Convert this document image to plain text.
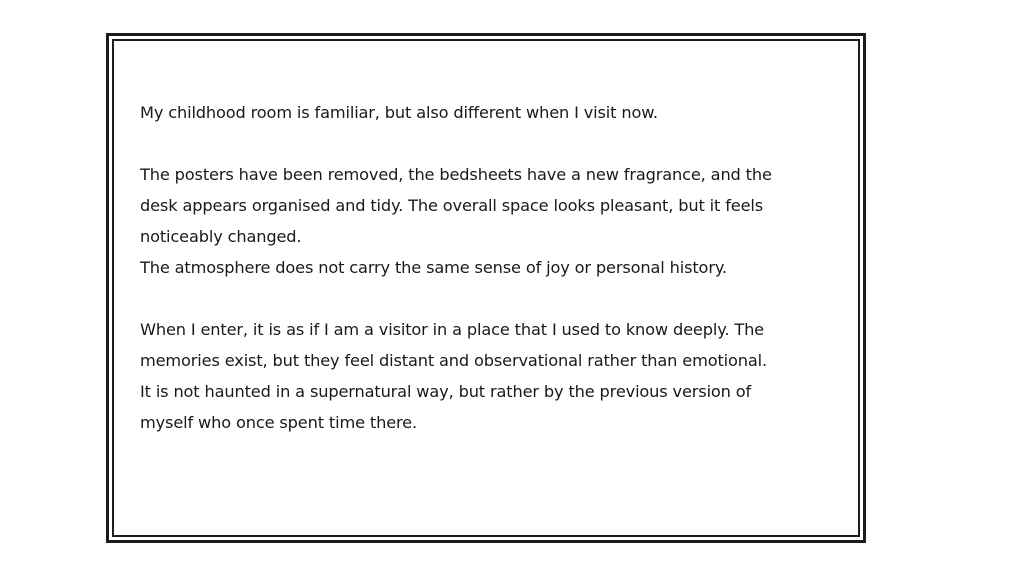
My childhood room is familiar, but also different when I visit now.

The posters have been removed, the bedsheets have a new fragrance, and the
desk appears organised and tidy. The overall space looks pleasant, but it feels
noticeably changed.
The atmosphere does not carry the same sense of joy or personal history.

When I enter, it is as if I am a visitor in a place that I used to know deeply. The
memories exist, but they feel distant and observational rather than emotional.
It is not haunted in a supernatural way, but rather by the previous version of
myself who once spent time there.
